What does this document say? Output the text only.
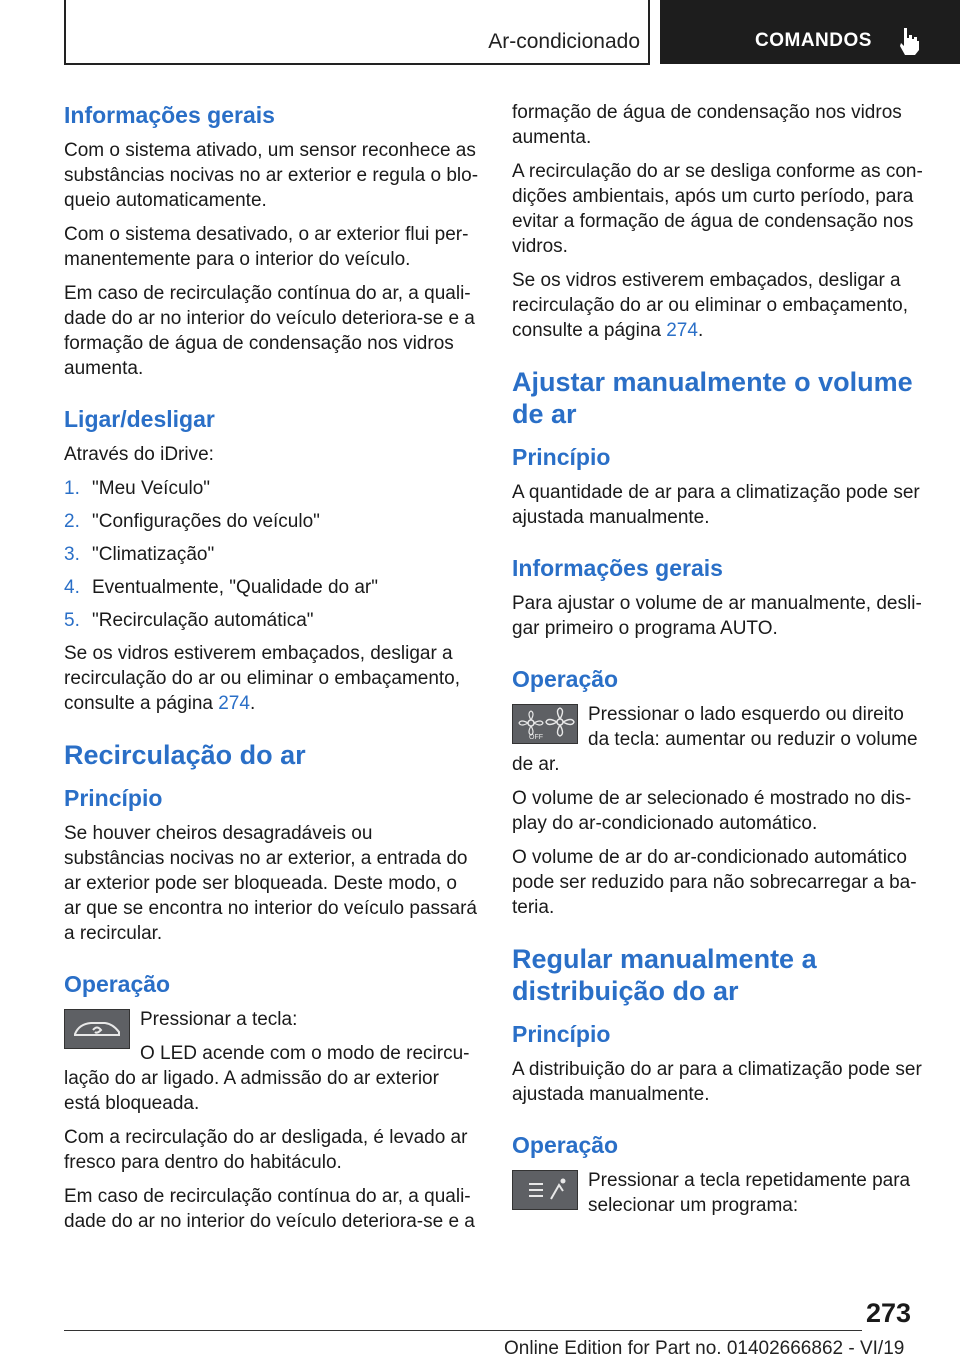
Ar-condicionado	COMANDOS
Informações gerais

Com o sistema ativado, um sensor reconhece as substâncias nocivas no ar exterior e regula o bloqueio automaticamente.

Com o sistema desativado, o ar exterior flui permanentemente para o interior do veículo.

Em caso de recirculação contínua do ar, a qualidade do ar no interior do veículo deteriora-se e a formação de água de condensação nos vidros aumenta.

Ligar/desligar

Através do iDrive:

1. "Meu Veículo"
2. "Configurações do veículo"
3. "Climatização"
4. Eventualmente, "Qualidade do ar"
5. "Recirculação automática"

Se os vidros estiverem embaçados, desligar a recirculação do ar ou eliminar o embaçamento, consulte a página 274.

Recirculação do ar
Princípio

Se houver cheiros desagradáveis ou substâncias nocivas no ar exterior, a entrada do ar exterior pode ser bloqueada. Deste modo, o ar que se encontra no interior do veículo passará a recircular.

Operação

Pressionar a tecla:

O LED acende com o modo de recirculação do ar ligado. A admissão do ar exterior está bloqueada.

Com a recirculação do ar desligada, é levado ar fresco para dentro do habitáculo.

Em caso de recirculação contínua do ar, a qualidade do ar no interior do veículo deteriora-se e a

formação de água de condensação nos vidros aumenta.

A recirculação do ar se desliga conforme as condições ambientais, após um curto período, para evitar a formação de água de condensação nos vidros.

Se os vidros estiverem embaçados, desligar a recirculação do ar ou eliminar o embaçamento, consulte a página 274.

Ajustar manualmente o volume de ar
Princípio

A quantidade de ar para a climatização pode ser ajustada manualmente.

Informações gerais

Para ajustar o volume de ar manualmente, desligar primeiro o programa AUTO.

Operação
OFF

Pressionar o lado esquerdo ou direito da tecla: aumentar ou reduzir o volume de ar.

O volume de ar selecionado é mostrado no display do ar-condicionado automático.

O volume de ar do ar-condicionado automático pode ser reduzido para não sobrecarregar a bateria.

Regular manualmente a distribuição do ar
Princípio

A distribuição do ar para a climatização pode ser ajustada manualmente.

Operação

Pressionar a tecla repetidamente para selecionar um programa:

273
Online Edition for Part no. 01402666862 - VI/19
